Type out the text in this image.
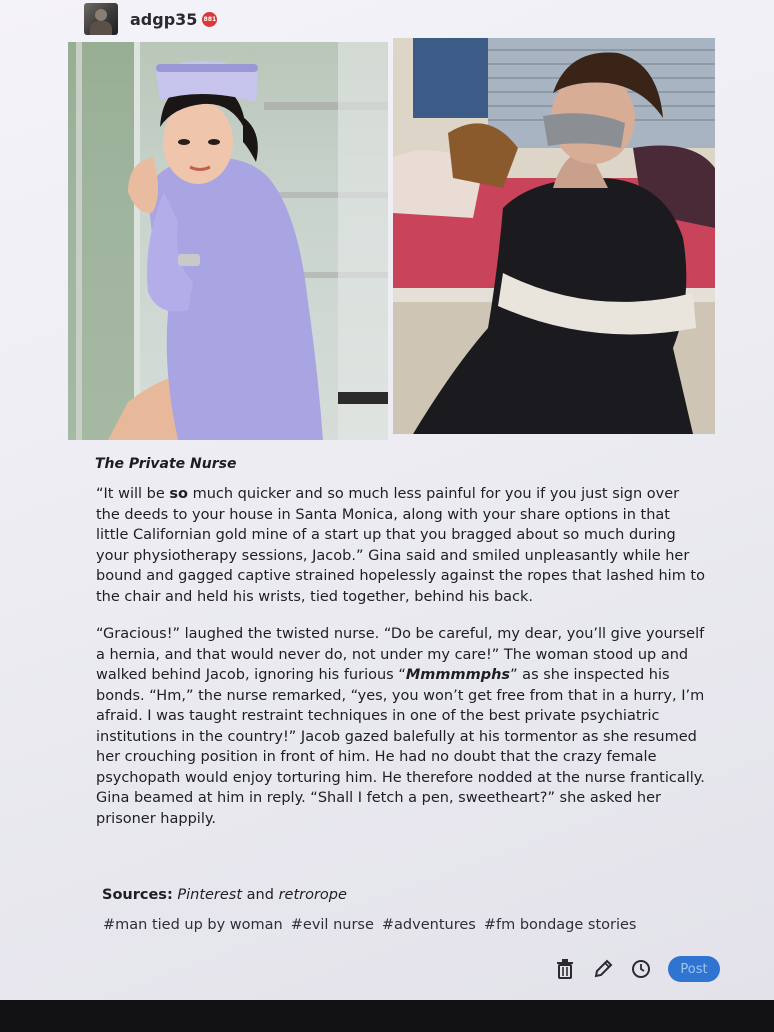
adgp35 881
The Private Nurse

“It will be so much quicker and so much less painful for you if you just sign over the deeds to your house in Santa Monica, along with your share options in that little Californian gold mine of a start up that you bragged about so much during your physiotherapy sessions, Jacob.” Gina said and smiled unpleasantly while her bound and gagged captive strained hopelessly against the ropes that lashed him to the chair and held his wrists, tied together, behind his back.

“Gracious!” laughed the twisted nurse. “Do be careful, my dear, you’ll give yourself a hernia, and that would never do, not under my care!” The woman stood up and walked behind Jacob, ignoring his furious “Mmmmmphs” as she inspected his bonds. “Hm,” the nurse remarked, “yes, you won’t get free from that in a hurry, I’m afraid. I was taught restraint techniques in one of the best private psychiatric institutions in the country!” Jacob gazed balefully at his tormentor as she resumed her crouching position in front of him. He had no doubt that the crazy female psychopath would enjoy torturing him. He therefore nodded at the nurse frantically. Gina beamed at him in reply. “Shall I fetch a pen, sweetheart?” she asked her prisoner happily.

Sources: Pinterest and retrorope
#man tied up by woman #evil nurse #adventures #fm bondage stories
Post
